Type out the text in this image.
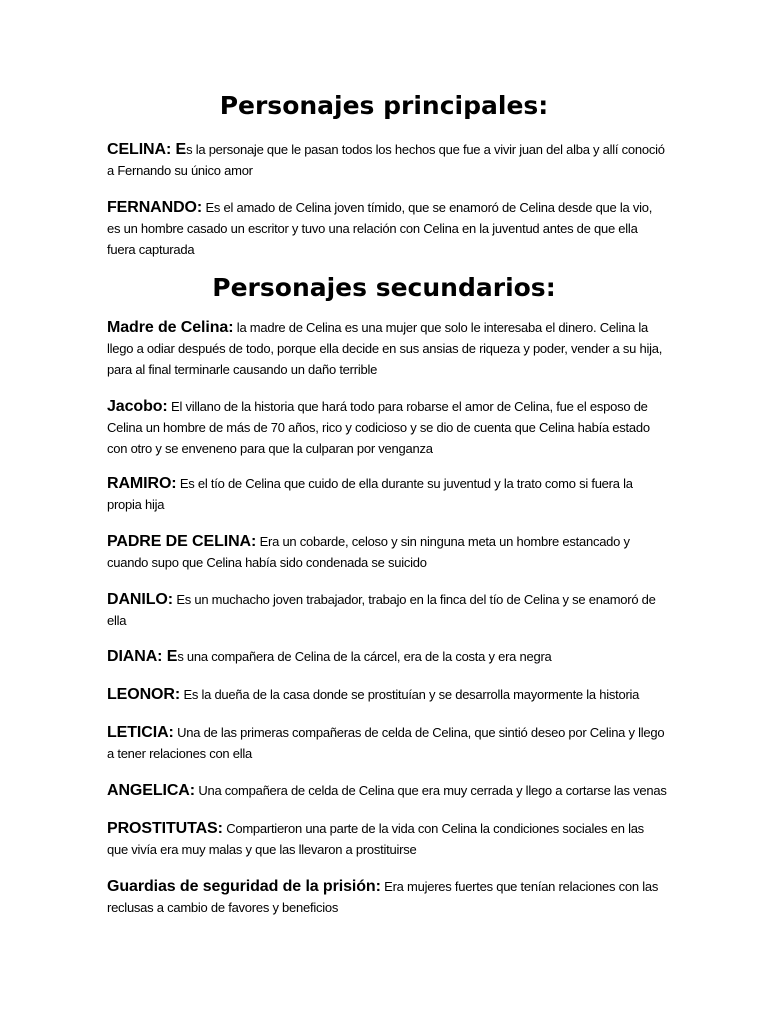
Personajes principales:

CELINA: Es la personaje que le pasan todos los hechos que fue a vivir juan del alba y allí conoció a Fernando su único amor

FERNANDO: Es el amado de Celina joven tímido, que se enamoró de Celina desde que la vio, es un hombre casado un escritor y tuvo una relación con Celina en la juventud antes de que ella fuera capturada

Personajes secundarios:

Madre de Celina: la madre de Celina es una mujer que solo le interesaba el dinero. Celina la llego a odiar después de todo, porque ella decide en sus ansias de riqueza y poder, vender a su hija, para al final terminarle causando un daño terrible

Jacobo: El villano de la historia que hará todo para robarse el amor de Celina, fue el esposo de Celina un hombre de más de 70 años, rico y codicioso y se dio de cuenta que Celina había estado con otro y se enveneno para que la culparan por venganza

RAMIRO: Es el tío de Celina que cuido de ella durante su juventud y la trato como si fuera la propia hija

PADRE DE CELINA: Era un cobarde, celoso y sin ninguna meta un hombre estancado y cuando supo que Celina había sido condenada se suicido

DANILO: Es un muchacho joven trabajador, trabajo en la finca del tío de Celina y se enamoró de ella

DIANA: Es una compañera de Celina de la cárcel, era de la costa y era negra

LEONOR: Es la dueña de la casa donde se prostituían y se desarrolla mayormente la historia

LETICIA: Una de las primeras compañeras de celda de Celina, que sintió deseo por Celina y llego a tener relaciones con ella

ANGELICA: Una compañera de celda de Celina que era muy cerrada y llego a cortarse las venas

PROSTITUTAS: Compartieron una parte de la vida con Celina la condiciones sociales en las que vivía era muy malas y que las llevaron a prostituirse

Guardias de seguridad de la prisión: Era mujeres fuertes que tenían relaciones con las reclusas a cambio de favores y beneficios
